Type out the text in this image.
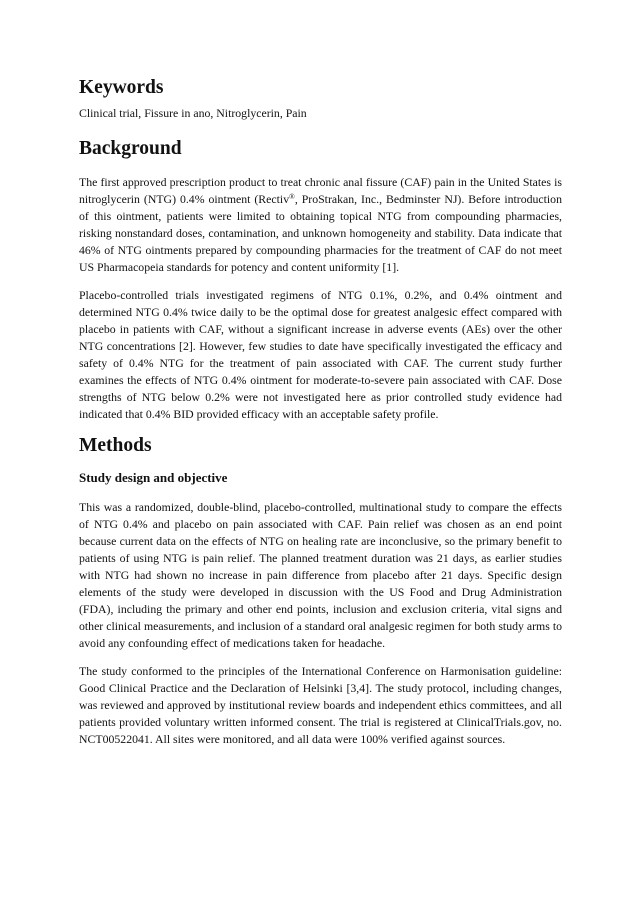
Keywords

Clinical trial, Fissure in ano, Nitroglycerin, Pain

Background

The first approved prescription product to treat chronic anal fissure (CAF) pain in the United States is nitroglycerin (NTG) 0.4% ointment (Rectiv®, ProStrakan, Inc., Bedminster NJ). Before introduction of this ointment, patients were limited to obtaining topical NTG from compounding pharmacies, risking nonstandard doses, contamination, and unknown homogeneity and stability. Data indicate that 46% of NTG ointments prepared by compounding pharmacies for the treatment of CAF do not meet US Pharmacopeia standards for potency and content uniformity [1].

Placebo-controlled trials investigated regimens of NTG 0.1%, 0.2%, and 0.4% ointment and determined NTG 0.4% twice daily to be the optimal dose for greatest analgesic effect compared with placebo in patients with CAF, without a significant increase in adverse events (AEs) over the other NTG concentrations [2]. However, few studies to date have specifically investigated the efficacy and safety of 0.4% NTG for the treatment of pain associated with CAF. The current study further examines the effects of NTG 0.4% ointment for moderate-to-severe pain associated with CAF. Dose strengths of NTG below 0.2% were not investigated here as prior controlled study evidence had indicated that 0.4% BID provided efficacy with an acceptable safety profile.

Methods
Study design and objective

This was a randomized, double-blind, placebo-controlled, multinational study to compare the effects of NTG 0.4% and placebo on pain associated with CAF. Pain relief was chosen as an end point because current data on the effects of NTG on healing rate are inconclusive, so the primary benefit to patients of using NTG is pain relief. The planned treatment duration was 21 days, as earlier studies with NTG had shown no increase in pain difference from placebo after 21 days. Specific design elements of the study were developed in discussion with the US Food and Drug Administration (FDA), including the primary and other end points, inclusion and exclusion criteria, vital signs and other clinical measurements, and inclusion of a standard oral analgesic regimen for both study arms to avoid any confounding effect of medications taken for headache.

The study conformed to the principles of the International Conference on Harmonisation guideline: Good Clinical Practice and the Declaration of Helsinki [3,4]. The study protocol, including changes, was reviewed and approved by institutional review boards and independent ethics committees, and all patients provided voluntary written informed consent. The trial is registered at ClinicalTrials.gov, no. NCT00522041. All sites were monitored, and all data were 100% verified against sources.
